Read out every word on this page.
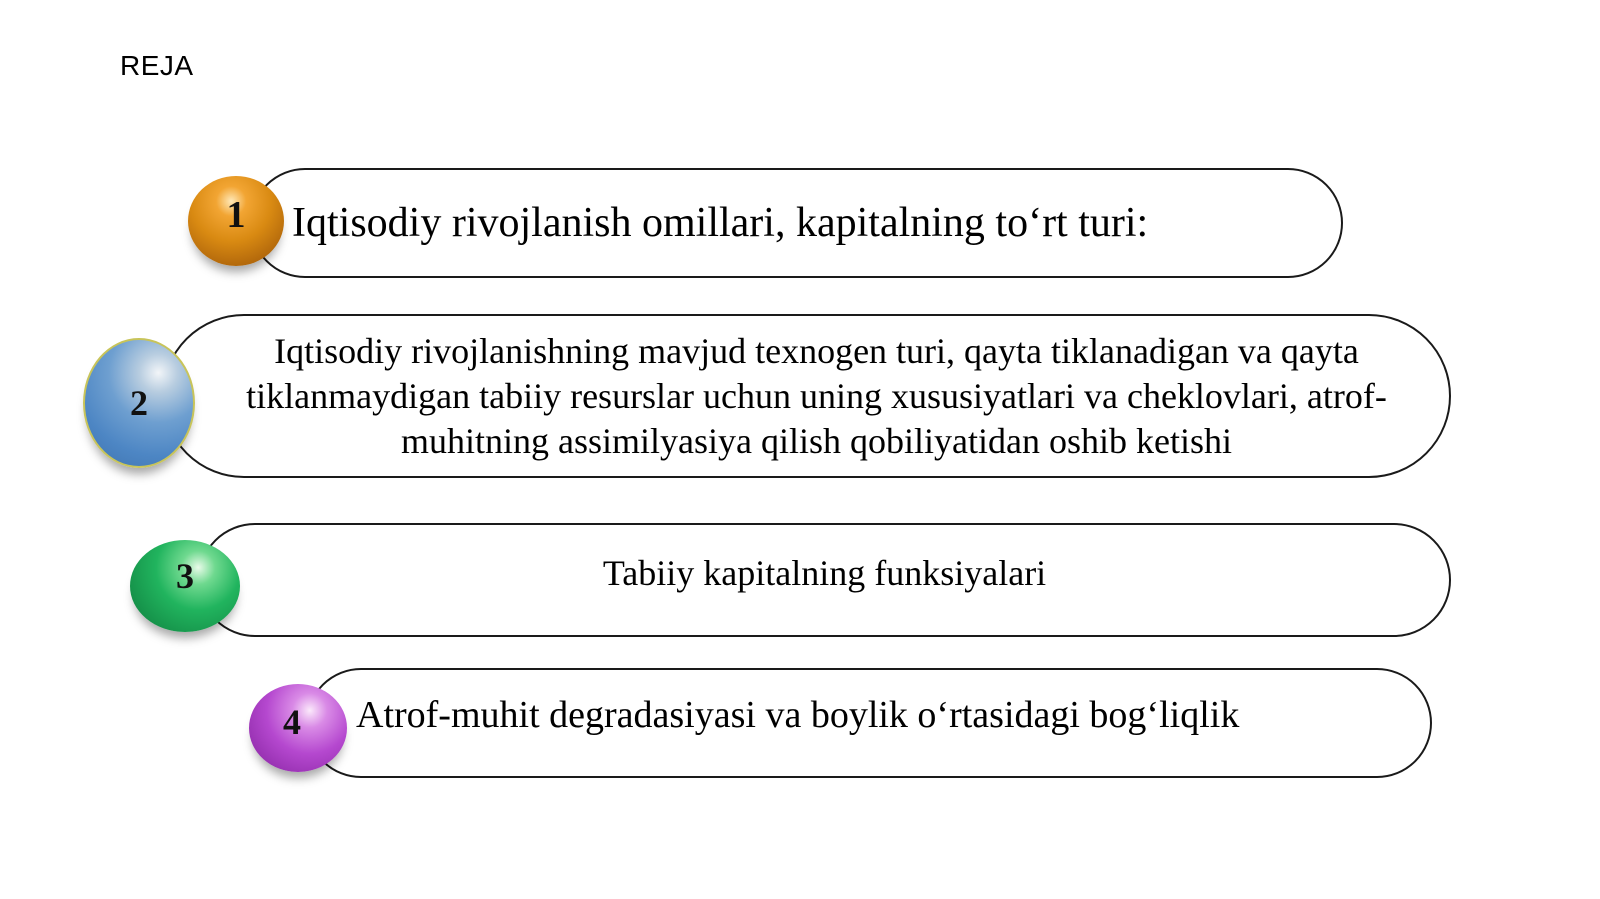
REJA
Iqtisodiy rivojlanish omillari, kapitalning to‘rt turi:
1
Iqtisodiy rivojlanishning mavjud texnogen turi, qayta tiklanadigan va qayta tiklanmaydigan tabiiy resurslar uchun uning xususiyatlari va cheklovlari, atrof-muhitning assimilyasiya qilish qobiliyatidan oshib ketishi
2
Tabiiy kapitalning funksiyalari
3
Atrof-muhit degradasiyasi va boylik o‘rtasidagi bog‘liqlik
4
